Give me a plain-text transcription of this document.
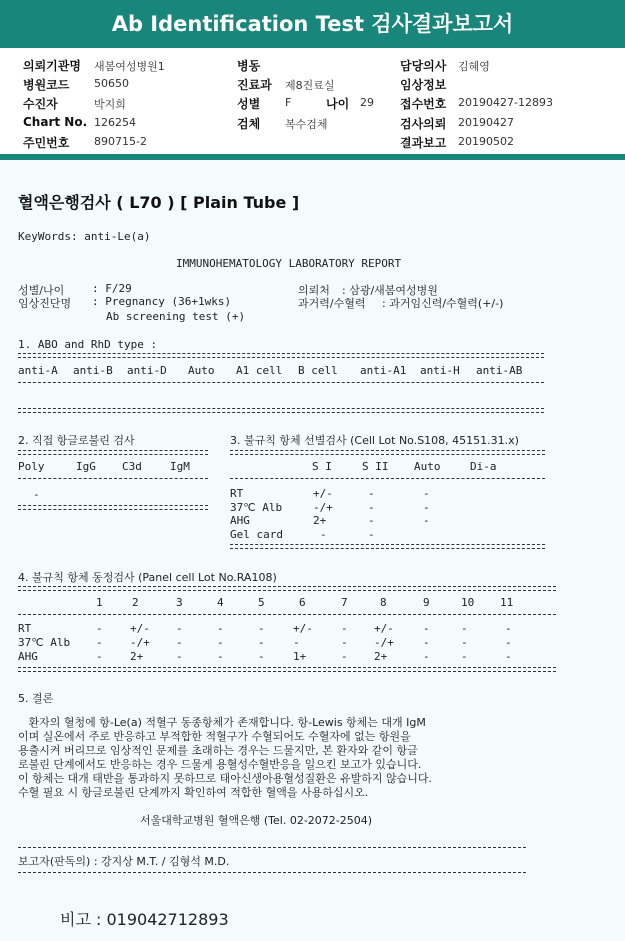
Ab Identification Test 검사결과보고서
의뢰기관명 새봄여성병원1
병원코드 50650
수진자	박지희
Chart No. 126254
주민번호 890715-2
병동
진료과 제8진료실
성별 F	나이 29
검체 복수검체
담당의사 김혜영
임상정보
접수번호 20190427-12893
검사의뢰 20190427
결과보고 20190502
혈액은행검사 ( L70 ) [ Plain Tube ]
KeyWords: anti-Le(a)
IMMUNOHEMATOLOGY LABORATORY REPORT
성별/나이	: F/29
임상진단명 : Pregnancy (36+1wks)
Ab screening test (+)
의뢰처 : 삼광/새봄여성병원
과거력/수혈력 : 과거임신력/수혈력(+/-)
1. ABO and RhD type :
anti-A anti-B anti-D Auto A1 cell B cell anti-A1 anti-H anti-AB
2. 직접 항글로불린 검사
Poly	IgG C3d	IgM
-
3. 불규칙 항체 선별검사 (Cell Lot No.S108, 45151.31.x)
S I	S II Auto	Di-a
RT	+/-	-	-
37℃ Alb	-/+	-	-
AHG	2+	-	-
Gel card	-	-
4. 불규칙 항체 동정검사 (Panel cell Lot No.RA108)
1	2	3	4	5	6	7	8	9	10 11
RT	- +/- -	-	-	+/-	- +/-	-	-	-
37℃ Alb - -/+ -	-	-	-	- -/+	-	-	-
AHG	- 2+	-	-	-	1+	- 2+	-	-	-
5. 결론
환자의 혈청에 항-Le(a) 적혈구 동종항체가 존재합니다. 항-Lewis 항체는 대개 IgM
이며 실온에서 주로 반응하고 부적합한 적혈구가 수혈되어도 수혈자에 없는 항원을
용출시켜 버리므로 임상적인 문제를 초래하는 경우는 드물지만, 본 환자와 같이 항글
로불린 단계에서도 반응하는 경우 드물게 용혈성수혈반응을 일으킨 보고가 있습니다.
이 항체는 대개 태반을 통과하지 못하므로 태아신생아용혈성질환은 유발하지 않습니다.
수혈 필요 시 항글로불린 단계까지 확인하여 적합한 혈액을 사용하십시오.
서울대학교병원 혈액은행 (Tel. 02-2072-2504)
보고자(판독의) : 강지상 M.T. / 김형석 M.D.
비고 : 019042712893
